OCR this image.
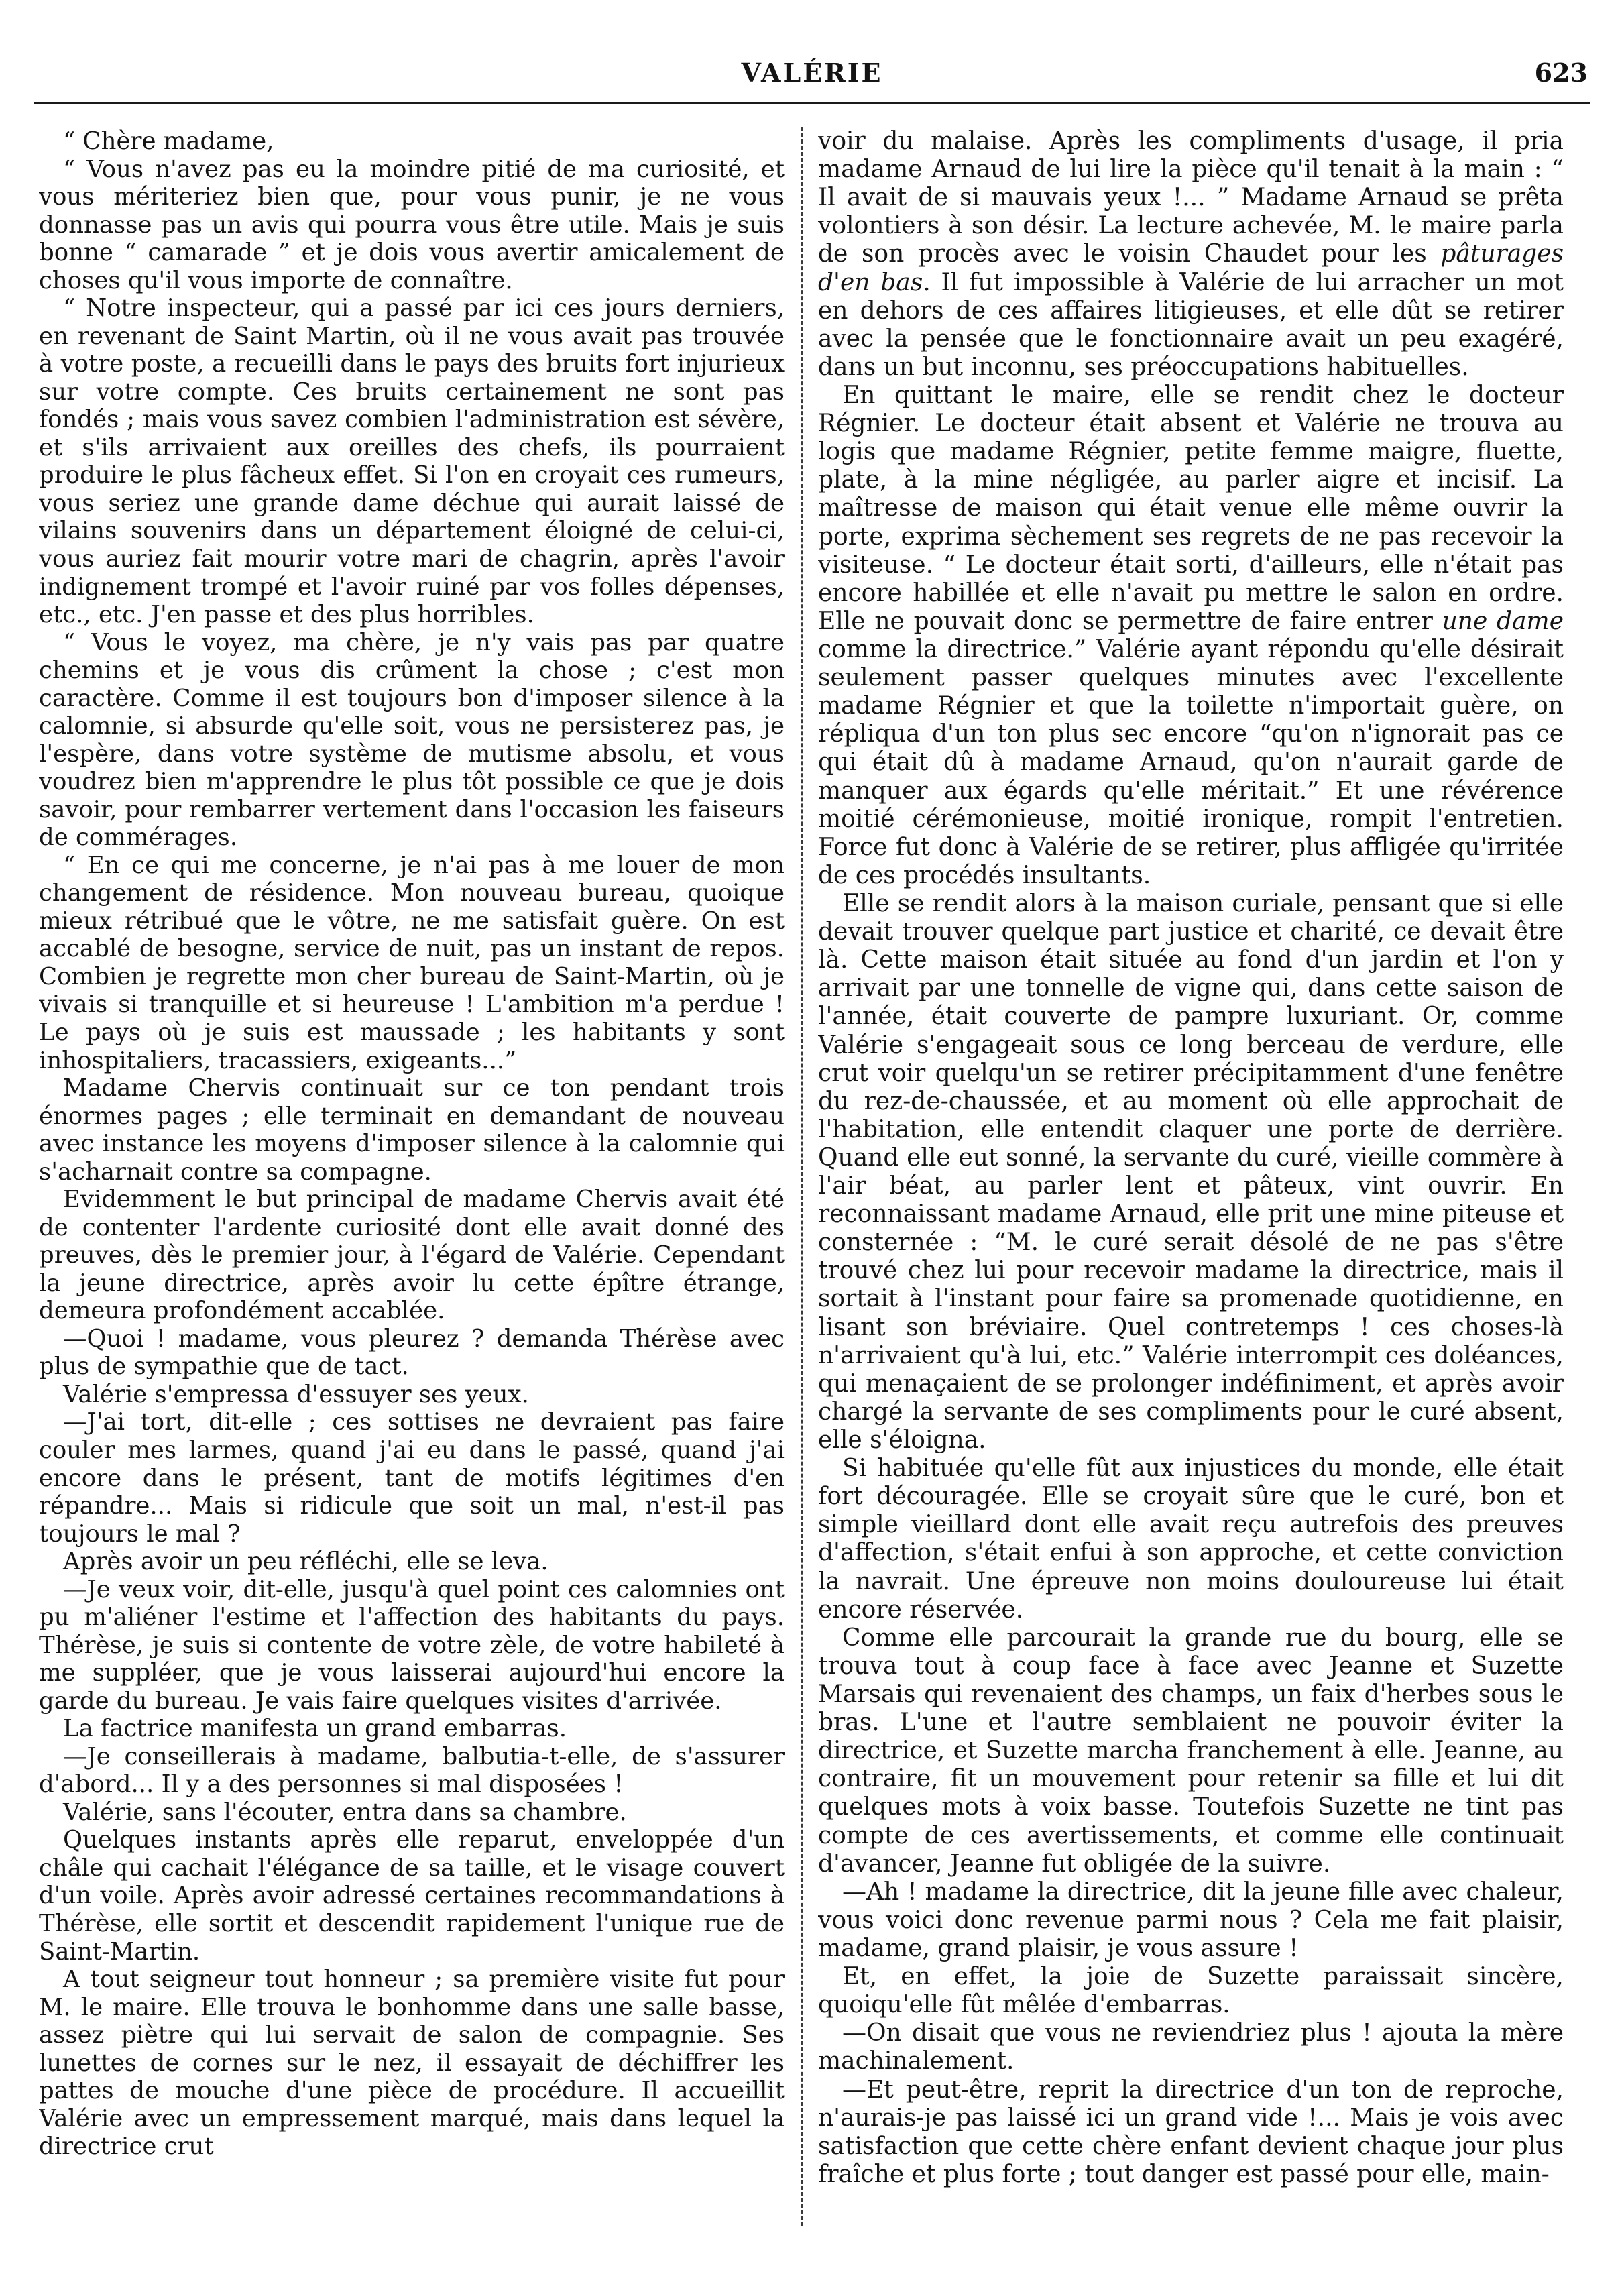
VALÉRIE	623

“ Chère madame,

“ Vous n'avez pas eu la moindre pitié de ma curiosité, et vous mériteriez bien que, pour vous punir, je ne vous donnasse pas un avis qui pourra vous être utile. Mais je suis bonne “ camarade ” et je dois vous avertir amicalement de choses qu'il vous importe de connaître.

“ Notre inspecteur, qui a passé par ici ces jours derniers, en revenant de Saint Martin, où il ne vous avait pas trouvée à votre poste, a recueilli dans le pays des bruits fort injurieux sur votre compte. Ces bruits certainement ne sont pas fondés ; mais vous savez combien l'administration est sévère, et s'ils arrivaient aux oreilles des chefs, ils pourraient produire le plus fâcheux effet. Si l'on en croyait ces rumeurs, vous seriez une grande dame déchue qui aurait laissé de vilains souvenirs dans un département éloigné de celui-ci, vous auriez fait mourir votre mari de chagrin, après l'avoir indignement trompé et l'avoir ruiné par vos folles dépenses, etc., etc. J'en passe et des plus horribles.

“ Vous le voyez, ma chère, je n'y vais pas par quatre chemins et je vous dis crûment la chose ; c'est mon caractère. Comme il est toujours bon d'imposer silence à la calomnie, si absurde qu'elle soit, vous ne persisterez pas, je l'espère, dans votre système de mutisme absolu, et vous voudrez bien m'apprendre le plus tôt possible ce que je dois savoir, pour rembarrer vertement dans l'occasion les faiseurs de commérages.

“ En ce qui me concerne, je n'ai pas à me louer de mon changement de résidence. Mon nouveau bureau, quoique mieux rétribué que le vôtre, ne me satisfait guère. On est accablé de besogne, service de nuit, pas un instant de repos. Combien je regrette mon cher bureau de Saint-Martin, où je vivais si tranquille et si heureuse ! L'ambition m'a perdue ! Le pays où je suis est maussade ; les habitants y sont inhospitaliers, tracassiers, exigeants...”

Madame Chervis continuait sur ce ton pendant trois énormes pages ; elle terminait en demandant de nouveau avec instance les moyens d'imposer silence à la calomnie qui s'acharnait contre sa compagne.

Evidemment le but principal de madame Chervis avait été de contenter l'ardente curiosité dont elle avait donné des preuves, dès le premier jour, à l'égard de Valérie. Cependant la jeune directrice, après avoir lu cette épître étrange, demeura profondément accablée.

—Quoi ! madame, vous pleurez ? demanda Thérèse avec plus de sympathie que de tact.

Valérie s'empressa d'essuyer ses yeux.

—J'ai tort, dit-elle ; ces sottises ne devraient pas faire couler mes larmes, quand j'ai eu dans le passé, quand j'ai encore dans le présent, tant de motifs légitimes d'en répandre... Mais si ridicule que soit un mal, n'est-il pas toujours le mal ?

Après avoir un peu réfléchi, elle se leva.

—Je veux voir, dit-elle, jusqu'à quel point ces calomnies ont pu m'aliéner l'estime et l'affection des habitants du pays. Thérèse, je suis si contente de votre zèle, de votre habileté à me suppléer, que je vous laisserai aujourd'hui encore la garde du bureau. Je vais faire quelques visites d'arrivée.

La factrice manifesta un grand embarras.

—Je conseillerais à madame, balbutia-t-elle, de s'assurer d'abord... Il y a des personnes si mal disposées !

Valérie, sans l'écouter, entra dans sa chambre.

Quelques instants après elle reparut, enveloppée d'un châle qui cachait l'élégance de sa taille, et le visage couvert d'un voile. Après avoir adressé certaines recommandations à Thérèse, elle sortit et descendit rapidement l'unique rue de Saint-Martin.

A tout seigneur tout honneur ; sa première visite fut pour M. le maire. Elle trouva le bonhomme dans une salle basse, assez piètre qui lui servait de salon de compagnie. Ses lunettes de cornes sur le nez, il essayait de déchiffrer les pattes de mouche d'une pièce de procédure. Il accueillit Valérie avec un empressement marqué, mais dans lequel la directrice crut

voir du malaise. Après les compliments d'usage, il pria madame Arnaud de lui lire la pièce qu'il tenait à la main : “ Il avait de si mauvais yeux !... ” Madame Arnaud se prêta volontiers à son désir. La lecture achevée, M. le maire parla de son procès avec le voisin Chaudet pour les pâturages d'en bas. Il fut impossible à Valérie de lui arracher un mot en dehors de ces affaires litigieuses, et elle dût se retirer avec la pensée que le fonctionnaire avait un peu exagéré, dans un but inconnu, ses préoccupations habituelles.

En quittant le maire, elle se rendit chez le docteur Régnier. Le docteur était absent et Valérie ne trouva au logis que madame Régnier, petite femme maigre, fluette, plate, à la mine négligée, au parler aigre et incisif. La maîtresse de maison qui était venue elle même ouvrir la porte, exprima sèchement ses regrets de ne pas recevoir la visiteuse. “ Le docteur était sorti, d'ailleurs, elle n'était pas encore habillée et elle n'avait pu mettre le salon en ordre. Elle ne pouvait donc se permettre de faire entrer une dame comme la directrice.” Valérie ayant répondu qu'elle désirait seulement passer quelques minutes avec l'excellente madame Régnier et que la toilette n'importait guère, on répliqua d'un ton plus sec encore “qu'on n'ignorait pas ce qui était dû à madame Arnaud, qu'on n'aurait garde de manquer aux égards qu'elle méritait.” Et une révérence moitié cérémonieuse, moitié ironique, rompit l'entretien. Force fut donc à Valérie de se retirer, plus affligée qu'irritée de ces procédés insultants.

Elle se rendit alors à la maison curiale, pensant que si elle devait trouver quelque part justice et charité, ce devait être là. Cette maison était située au fond d'un jardin et l'on y arrivait par une tonnelle de vigne qui, dans cette saison de l'année, était couverte de pampre luxuriant. Or, comme Valérie s'engageait sous ce long berceau de verdure, elle crut voir quelqu'un se retirer précipitamment d'une fenêtre du rez-de-chaussée, et au moment où elle approchait de l'habitation, elle entendit claquer une porte de derrière. Quand elle eut sonné, la servante du curé, vieille commère à l'air béat, au parler lent et pâteux, vint ouvrir. En reconnaissant madame Arnaud, elle prit une mine piteuse et consternée : “M. le curé serait désolé de ne pas s'être trouvé chez lui pour recevoir madame la directrice, mais il sortait à l'instant pour faire sa promenade quotidienne, en lisant son bréviaire. Quel contretemps ! ces choses-là n'arrivaient qu'à lui, etc.” Valérie interrompit ces doléances, qui menaçaient de se prolonger indéfiniment, et après avoir chargé la servante de ses compliments pour le curé absent, elle s'éloigna.

Si habituée qu'elle fût aux injustices du monde, elle était fort découragée. Elle se croyait sûre que le curé, bon et simple vieillard dont elle avait reçu autrefois des preuves d'affection, s'était enfui à son approche, et cette conviction la navrait. Une épreuve non moins douloureuse lui était encore réservée.

Comme elle parcourait la grande rue du bourg, elle se trouva tout à coup face à face avec Jeanne et Suzette Marsais qui revenaient des champs, un faix d'herbes sous le bras. L'une et l'autre semblaient ne pouvoir éviter la directrice, et Suzette marcha franchement à elle. Jeanne, au contraire, fit un mouvement pour retenir sa fille et lui dit quelques mots à voix basse. Toutefois Suzette ne tint pas compte de ces avertissements, et comme elle continuait d'avancer, Jeanne fut obligée de la suivre.

—Ah ! madame la directrice, dit la jeune fille avec chaleur, vous voici donc revenue parmi nous ? Cela me fait plaisir, madame, grand plaisir, je vous assure !

Et, en effet, la joie de Suzette paraissait sincère, quoiqu'elle fût mêlée d'embarras.

—On disait que vous ne reviendriez plus ! ajouta la mère machinalement.

—Et peut-être, reprit la directrice d'un ton de reproche, n'aurais-je pas laissé ici un grand vide !... Mais je vois avec satisfaction que cette chère enfant devient chaque jour plus fraîche et plus forte ; tout danger est passé pour elle, main-
